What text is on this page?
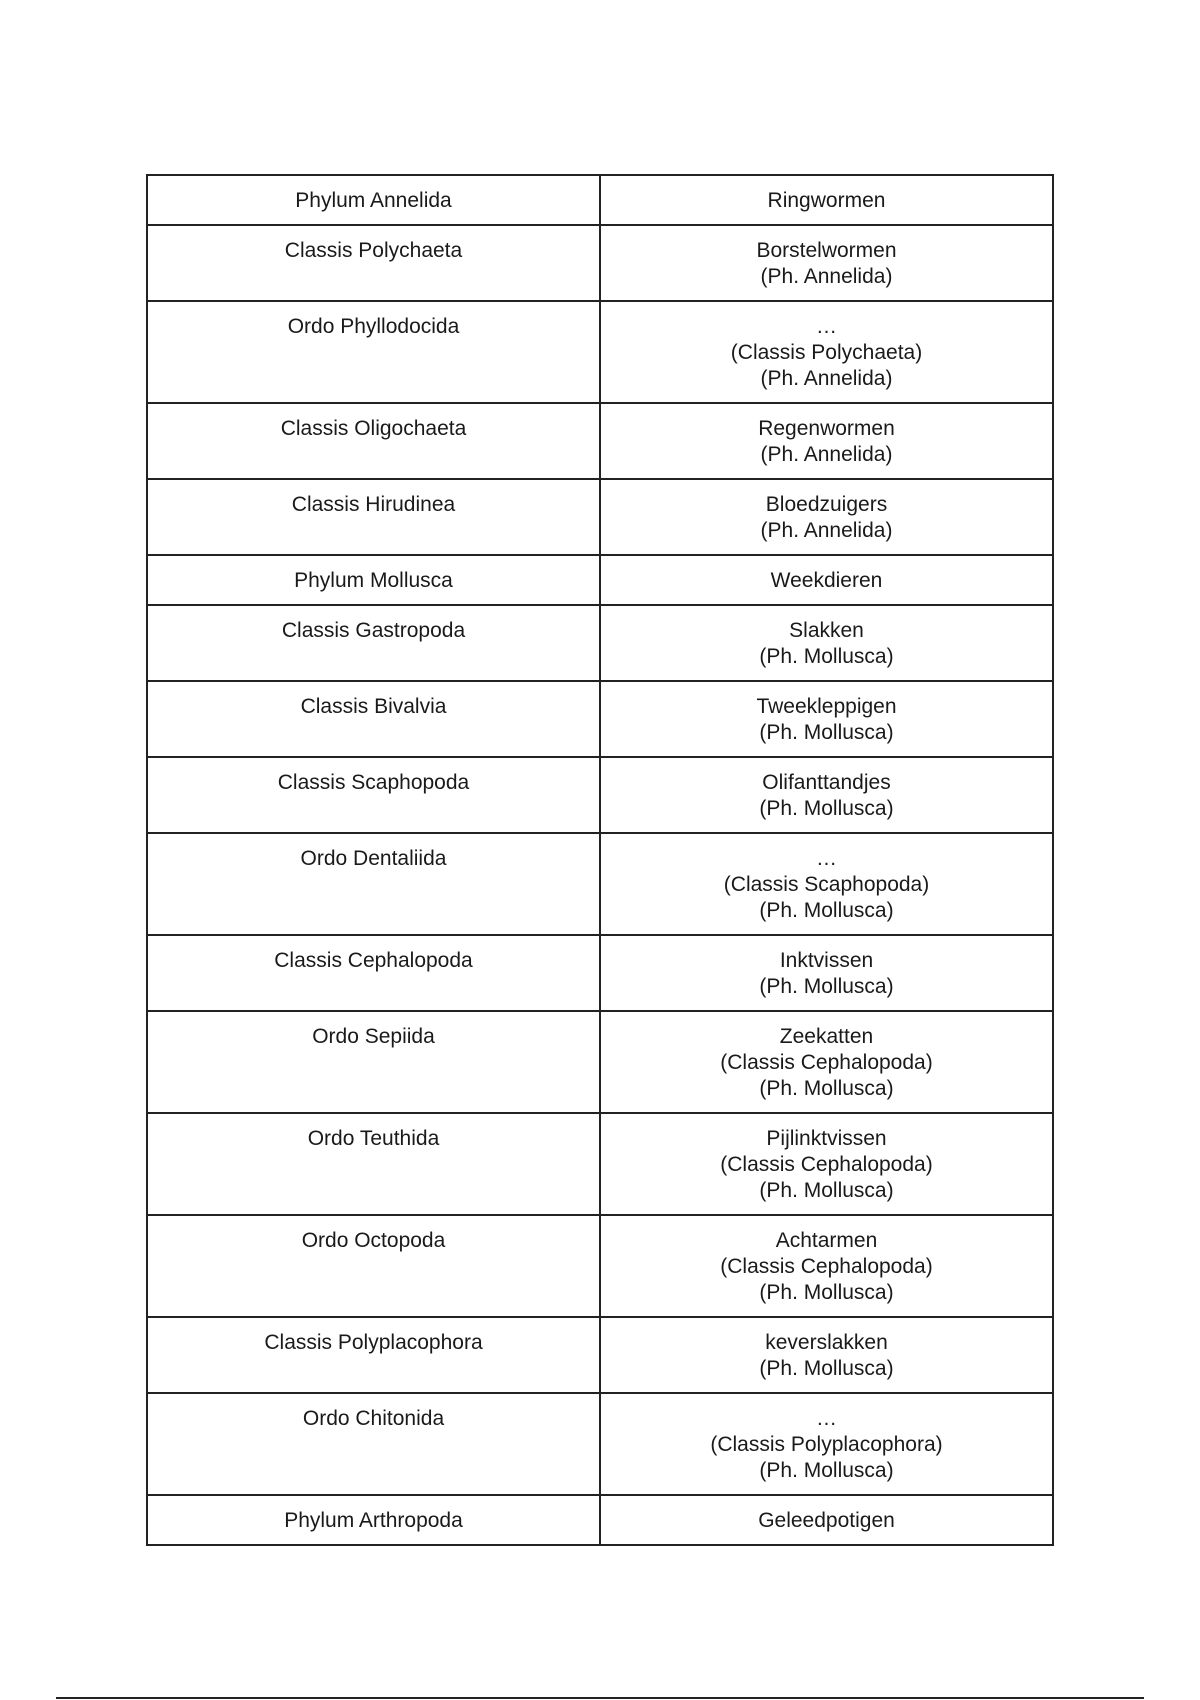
Phylum Annelida	Ringwormen

Classis Polychaeta	Borstelwormen
(Ph. Annelida)

Ordo Phyllodocida	…
(Classis Polychaeta)
(Ph. Annelida)

Classis Oligochaeta	Regenwormen
(Ph. Annelida)

Classis Hirudinea	Bloedzuigers
(Ph. Annelida)

Phylum Mollusca	Weekdieren

Classis Gastropoda	Slakken
(Ph. Mollusca)

Classis Bivalvia	Tweekleppigen
(Ph. Mollusca)

Classis Scaphopoda	Olifanttandjes
(Ph. Mollusca)

Ordo Dentaliida	…
(Classis Scaphopoda)
(Ph. Mollusca)

Classis Cephalopoda	Inktvissen
(Ph. Mollusca)

Ordo Sepiida	Zeekatten
(Classis Cephalopoda)
(Ph. Mollusca)

Ordo Teuthida	Pijlinktvissen
(Classis Cephalopoda)
(Ph. Mollusca)

Ordo Octopoda	Achtarmen
(Classis Cephalopoda)
(Ph. Mollusca)

Classis Polyplacophora	keverslakken
(Ph. Mollusca)

Ordo Chitonida	…
(Classis Polyplacophora)
(Ph. Mollusca)

Phylum Arthropoda	Geleedpotigen
